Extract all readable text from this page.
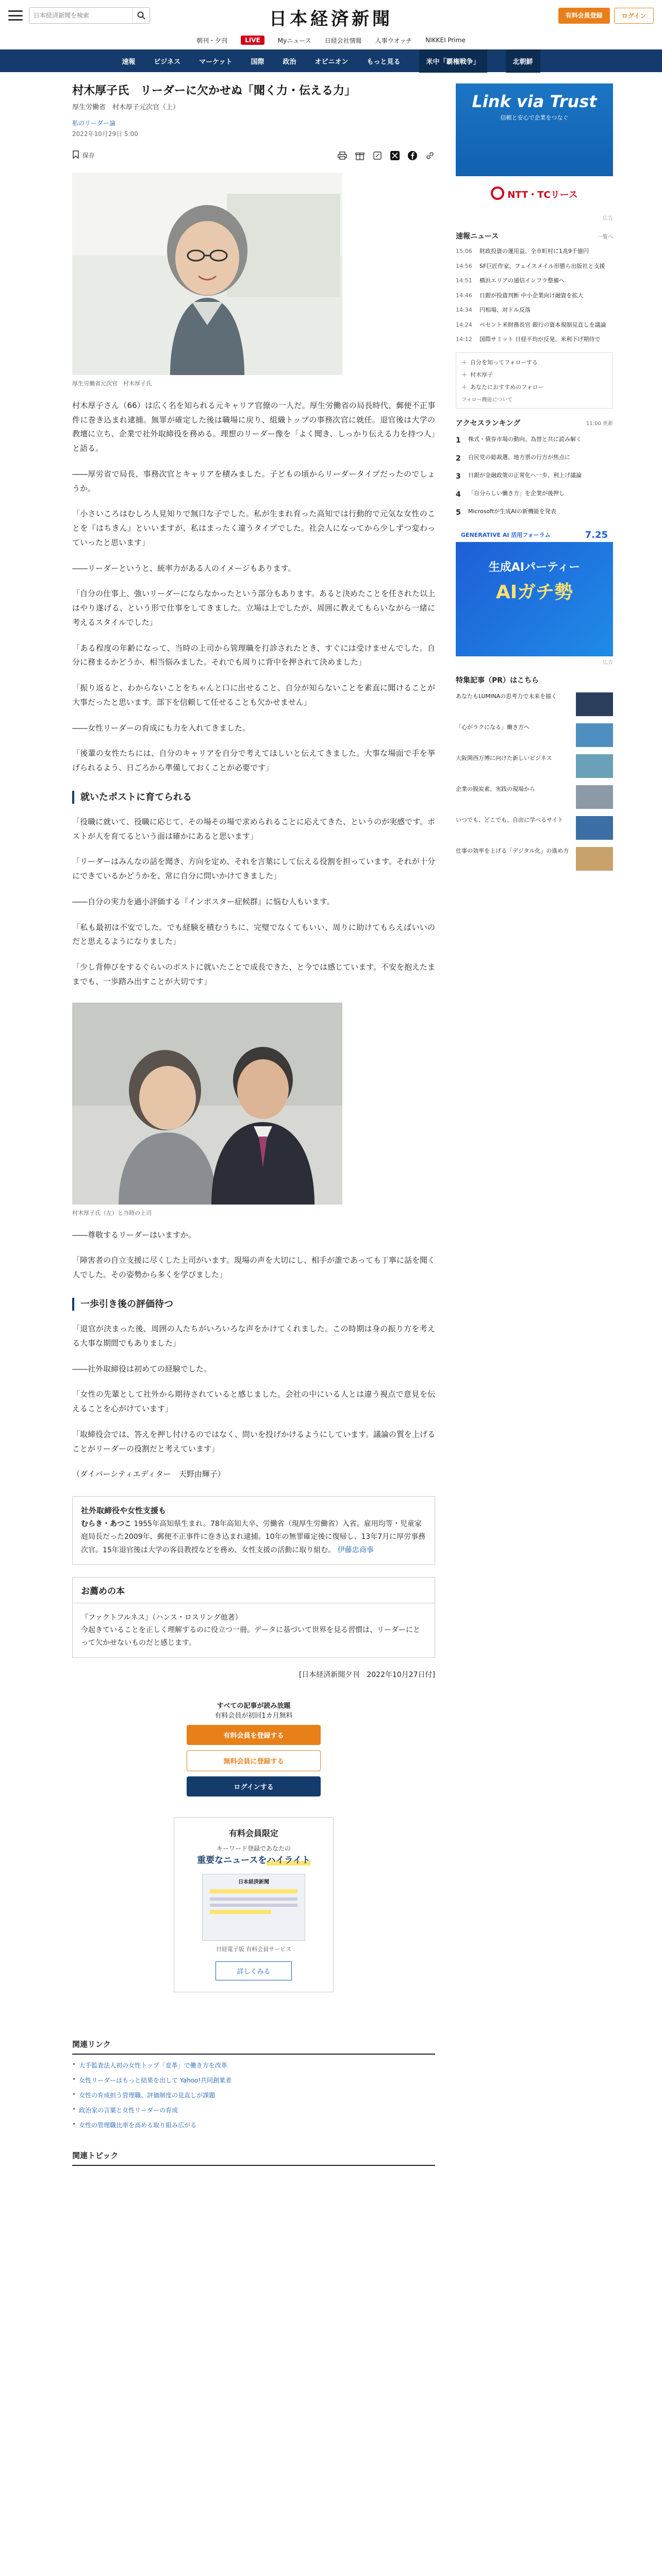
日本経済新聞を検索
日本経済新聞	有料会員登録	ログイン
朝刊・夕刊	LIVE	Myニュース 日経会社情報 人事ウオッチ NIKKEI Prime
速報	ビジネス	マーケット	国際	政治	オピニオン	もっと見る	米中「覇権戦争」	北朝鮮
村木厚子氏　リーダーに欠かせぬ「聞く力・伝える力」
厚生労働省　村木厚子元次官（上）
私のリーダー論
2022年10月29日 5:00
保存
厚生労働省元次官　村木厚子氏

村木厚子さん（66）は広く名を知られる元キャリア官僚の一人だ。厚生労働省の局長時代、郵便不正事件に巻き込まれ逮捕。無罪が確定した後は職場に戻り、組織トップの事務次官に就任。退官後は大学の教壇に立ち、企業で社外取締役を務める。理想のリーダー像を「よく聞き、しっかり伝える力を持つ人」と語る。

――厚労省で局長、事務次官とキャリアを積みました。子どもの頃からリーダータイプだったのでしょうか。

「小さいころはむしろ人見知りで無口な子でした。私が生まれ育った高知では行動的で元気な女性のことを『はちきん』といいますが、私はまったく違うタイプでした。社会人になってから少しずつ変わっていったと思います」

――リーダーというと、統率力がある人のイメージもあります。

「自分の仕事上、強いリーダーにならなかったという部分もあります。あると決めたことを任された以上はやり遂げる、という形で仕事をしてきました。立場は上でしたが、周囲に教えてもらいながら一緒に考えるスタイルでした」

「ある程度の年齢になって、当時の上司から管理職を打診されたとき、すぐには受けませんでした。自分に務まるかどうか、相当悩みました。それでも周りに背中を押されて決めました」

「振り返ると、わからないことをちゃんと口に出せること、自分が知らないことを素直に聞けることが大事だったと思います。部下を信頼して任せることも欠かせません」

――女性リーダーの育成にも力を入れてきました。

「後輩の女性たちには、自分のキャリアを自分で考えてほしいと伝えてきました。大事な場面で手を挙げられるよう、日ごろから準備しておくことが必要です」

就いたポストに育てられる

「役職に就いて、役職に応じて、その場その場で求められることに応えてきた、というのが実感です。ポストが人を育てるという面は確かにあると思います」

「リーダーはみんなの話を聞き、方向を定め、それを言葉にして伝える役割を担っています。それが十分にできているかどうかを、常に自分に問いかけてきました」

――自分の実力を過小評価する『インポスター症候群』に悩む人もいます。

「私も最初は不安でした。でも経験を積むうちに、完璧でなくてもいい、周りに助けてもらえばいいのだと思えるようになりました」

「少し背伸びをするぐらいのポストに就いたことで成長できた、と今では感じています。不安を抱えたままでも、一歩踏み出すことが大切です」

村木厚子氏（左）と当時の上司

――尊敬するリーダーはいますか。

「障害者の自立支援に尽くした上司がいます。現場の声を大切にし、相手が誰であっても丁寧に話を聞く人でした。その姿勢から多くを学びました」

一歩引き後の評価待つ

「退官が決まった後、周囲の人たちがいろいろな声をかけてくれました。この時期は身の振り方を考える大事な期間でもありました」

――社外取締役は初めての経験でした。

「女性の先輩として社外から期待されていると感じました。会社の中にいる人とは違う視点で意見を伝えることを心がけています」

「取締役会では、答えを押し付けるのではなく、問いを投げかけるようにしています。議論の質を上げることがリーダーの役割だと考えています」

（ダイバーシティエディター　天野由輝子）

社外取締役や女性支援も
むらき・あつこ 1955年高知県生まれ。78年高知大卒、労働省（現厚生労働省）入省。雇用均等・児童家庭局長だった2009年、郵便不正事件に巻き込まれ逮捕。10年の無罪確定後に復帰し、13年7月に厚労事務次官。15年退官後は大学の客員教授などを務め、女性支援の活動に取り組む。 伊藤忠商事
お薦めの本
『ファクトフルネス』（ハンス・ロスリング他著）
今起きていることを正しく理解するのに役立つ一冊。データに基づいて世界を見る習慣は、リーダーにとって欠かせないものだと感じます。
[日本経済新聞夕刊　2022年10月27日付]
すべての記事が読み放題
有料会員が初回1カ月無料
有料会員を登録する
無料会員に登録する
ログインする
有料会員限定
キーワード登録であなたの
重要なニュースをハイライト
日本経済新聞
日経電子版 有料会員サービス
詳しくみる
関連リンク
• 大手監査法人初の女性トップ「変革」で働き方を改革
• 女性リーダーはもっと結果を出して Yahoo!共同創業者
• 女性の育成担う管理職、評価制度の見直しが課題
• 政治家の言葉と女性リーダーの育成
• 女性の管理職比率を高める取り組み広がる
関連トピック
Link via Trust
信頼と安心で企業をつなぐ
NTT・TCリース
広告
速報ニュース	一覧へ
15:06	財政投資の運用益、全市町村に1兆9千億円
14:56	SF巨匠作家、フェイスメイル形態ら出版社と支援
14:51	横浜エリアの通信インフラ整備へ
14:46	日銀が投資判断 中小企業向け融資を拡大
14:34	円相場、対ドル反落
14:24	ベセント米財務長官 銀行の資本規制見直しを議論
14:12	国際サミット 日経平均が反発、米利下げ期待で
＋ 自分を知ってフォローする
＋ 村木厚子
＋ あなたにおすすめのフォロー
フォロー機能について
アクセスランキング	11:00 更新
1	株式・債券市場の動向、為替と共に読み解く
2	自民党の総裁選、地方票の行方が焦点に
3	日銀が金融政策の正常化へ一歩、利上げ議論
4	「自分らしい働き方」を企業が後押し
5	Microsoftが生成AIの新機能を発表
GENERATIVE AI 活用フォーラム	7.25
生成AIパーティー
AIガチ勢
広告
特集記事（PR）はこちら
あなたもLUMINAの思考力で未来を描く
「心がラクになる」働き方へ
大阪関西万博に向けた新しいビジネス
企業の脱炭素、実践の現場から
いつでも、どこでも、自由に学べるサイト
仕事の効率を上げる「デジタル化」の進め方
